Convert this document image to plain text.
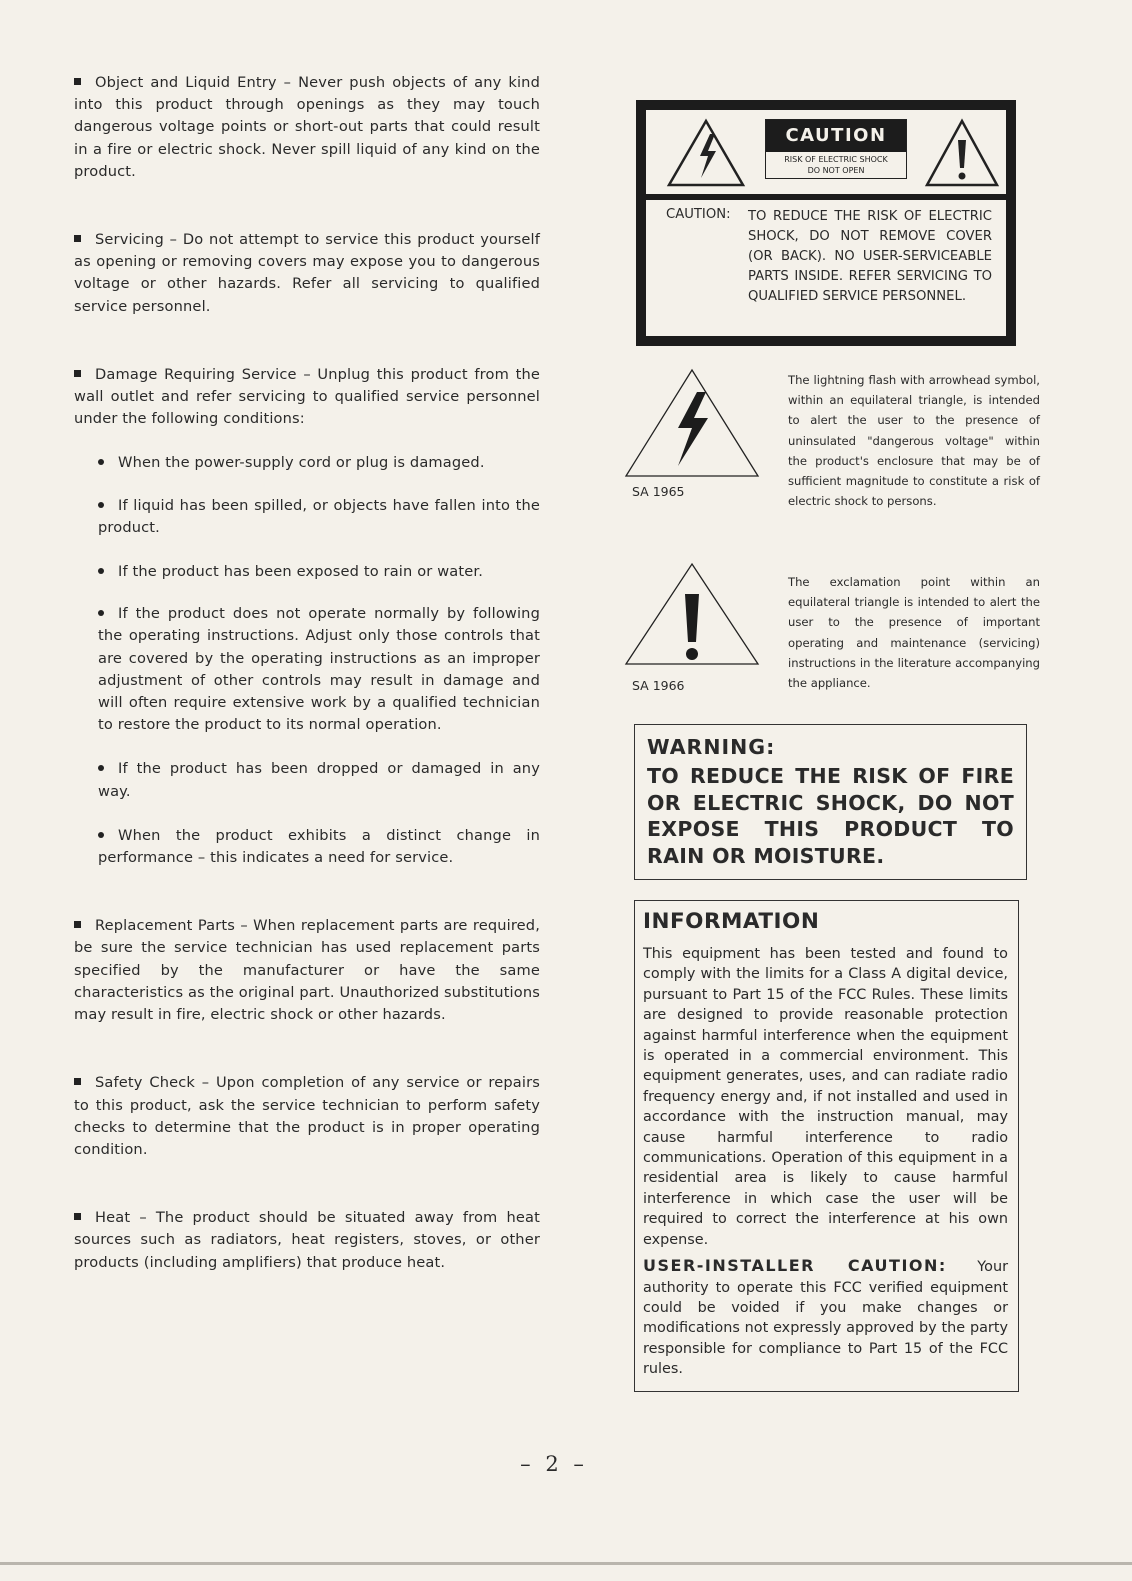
Object and Liquid Entry – Never push objects of any kind into this product through openings as they may touch dangerous voltage points or short-out parts that could result in a fire or electric shock. Never spill liquid of any kind on the product.

Servicing – Do not attempt to service this product yourself as opening or removing covers may expose you to dangerous voltage or other hazards. Refer all servicing to qualified service personnel.

Damage Requiring Service – Unplug this product from the wall outlet and refer servicing to qualified service personnel under the following conditions:

When the power-supply cord or plug is damaged.

If liquid has been spilled, or objects have fallen into the product.

If the product has been exposed to rain or water.

If the product does not operate normally by following the operating instructions. Adjust only those controls that are covered by the operating instructions as an improper adjustment of other controls may result in damage and will often require extensive work by a qualified technician to restore the product to its normal operation.

If the product has been dropped or damaged in any way.

When the product exhibits a distinct change in performance – this indicates a need for service.

Replacement Parts – When replacement parts are required, be sure the service technician has used replacement parts specified by the manufacturer or have the same characteristics as the original part. Unauthorized substitutions may result in fire, electric shock or other hazards.

Safety Check – Upon completion of any service or repairs to this product, ask the service technician to perform safety checks to determine that the product is in proper operating condition.

Heat – The product should be situated away from heat sources such as radiators, heat registers, stoves, or other products (including amplifiers) that produce heat.

CAUTION
RISK OF ELECTRIC SHOCK
DO NOT OPEN
CAUTION: TO REDUCE THE RISK OF ELECTRIC SHOCK, DO NOT REMOVE COVER (OR BACK). NO USER-SERVICEABLE PARTS INSIDE. REFER SERVICING TO QUALIFIED SERVICE PERSONNEL.
SA 1965
The lightning flash with arrowhead symbol, within an equilateral triangle, is intended to alert the user to the presence of uninsulated "dangerous voltage" within the product's enclosure that may be of sufficient magnitude to constitute a risk of electric shock to persons.
SA 1966
The exclamation point within an equilateral triangle is intended to alert the user to the presence of important operating and maintenance (servicing) instructions in the literature accompanying the appliance.

WARNING:

TO REDUCE THE RISK OF FIRE OR ELECTRIC SHOCK, DO NOT EXPOSE THIS PRODUCT TO RAIN OR MOISTURE.

INFORMATION

This equipment has been tested and found to comply with the limits for a Class A digital device, pursuant to Part 15 of the FCC Rules. These limits are designed to provide reasonable protection against harmful interference when the equipment is operated in a commercial environment. This equipment generates, uses, and can radiate radio frequency energy and, if not installed and used in accordance with the instruction manual, may cause harmful interference to radio communications. Operation of this equipment in a residential area is likely to cause harmful interference in which case the user will be required to correct the interference at his own expense.

USER-INSTALLER CAUTION: Your authority to operate this FCC verified equipment could be voided if you make changes or modifications not expressly approved by the party responsible for compliance to Part 15 of the FCC rules.

– 2 –
